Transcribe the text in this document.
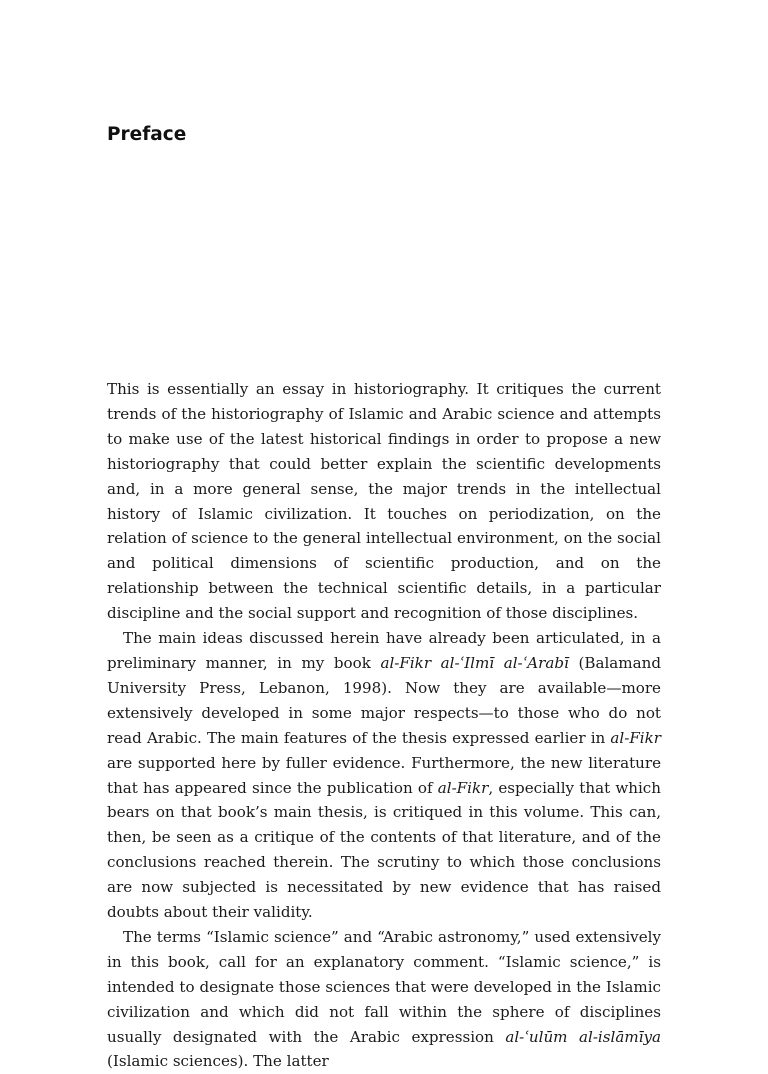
Preface

This is essentially an essay in historiography. It critiques the current trends of the historiography of Islamic and Arabic science and attempts to make use of the latest historical findings in order to propose a new historiography that could better explain the scientific developments and, in a more general sense, the major trends in the intellectual history of Islamic civilization. It touches on periodization, on the relation of science to the general intellectual environment, on the social and political dimensions of scientific production, and on the relationship between the technical scientific details, in a particular discipline and the social support and recognition of those disciplines.

The main ideas discussed herein have already been articulated, in a preliminary manner, in my book al-Fikr al-ʿIlmī al-ʿArabī (Balamand University Press, Lebanon, 1998). Now they are available—more extensively developed in some major respects—to those who do not read Arabic. The main features of the thesis expressed earlier in al-Fikr are supported here by fuller evidence. Furthermore, the new literature that has appeared since the publication of al-Fikr, especially that which bears on that book’s main thesis, is critiqued in this volume. This can, then, be seen as a critique of the contents of that literature, and of the conclusions reached therein. The scrutiny to which those conclusions are now subjected is necessitated by new evidence that has raised doubts about their validity.

The terms “Islamic science” and “Arabic astronomy,” used extensively in this book, call for an explanatory comment. “Islamic science,” is intended to designate those sciences that were developed in the Islamic civilization and which did not fall within the sphere of disciplines usually designated with the Arabic expression al-ʿulūm al-islāmīya (Islamic sciences). The latter
